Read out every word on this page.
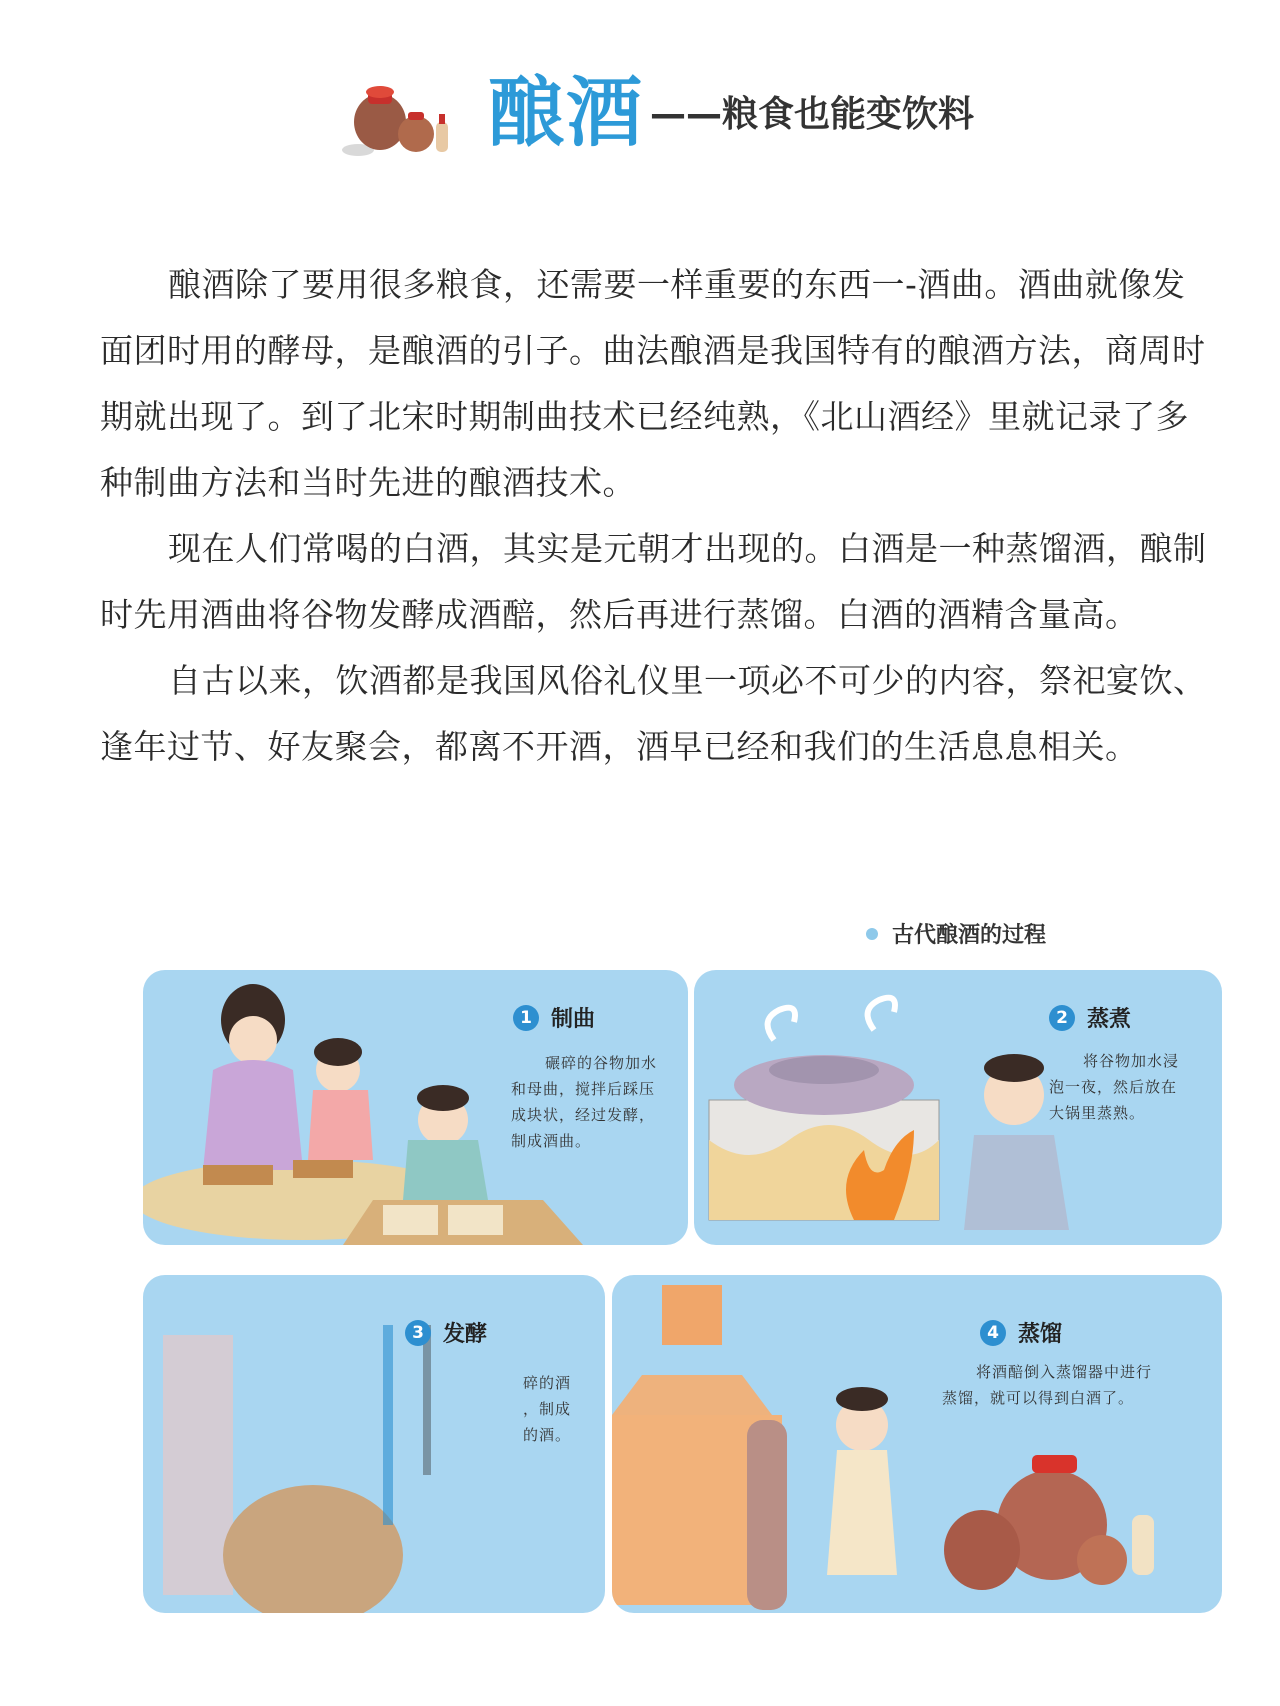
酿酒 ——粮食也能变饮料

酿酒除了要用很多粮食，还需要一样重要的东西一-酒曲。酒曲就像发面团时用的酵母，是酿酒的引子。曲法酿酒是我国特有的酿酒方法，商周时期就出现了。到了北宋时期制曲技术已经纯熟，《北山酒经》里就记录了多种制曲方法和当时先进的酿酒技术。

现在人们常喝的白酒，其实是元朝才出现的。白酒是一种蒸馏酒，酿制时先用酒曲将谷物发酵成酒醅，然后再进行蒸馏。白酒的酒精含量高。

自古以来，饮酒都是我国风俗礼仪里一项必不可少的内容，祭祀宴饮、逢年过节、好友聚会，都离不开酒，酒早已经和我们的生活息息相关。

古代酿酒的过程
1 制曲
碾碎的谷物加水
和母曲，搅拌后踩压
成块状，经过发酵，
制成酒曲。
2 蒸煮
将谷物加水浸
泡一夜，然后放在
大锅里蒸熟。
3 发酵
碎的酒
，制成
的酒。
4 蒸馏
将酒醅倒入蒸馏器中进行
蒸馏，就可以得到白酒了。
